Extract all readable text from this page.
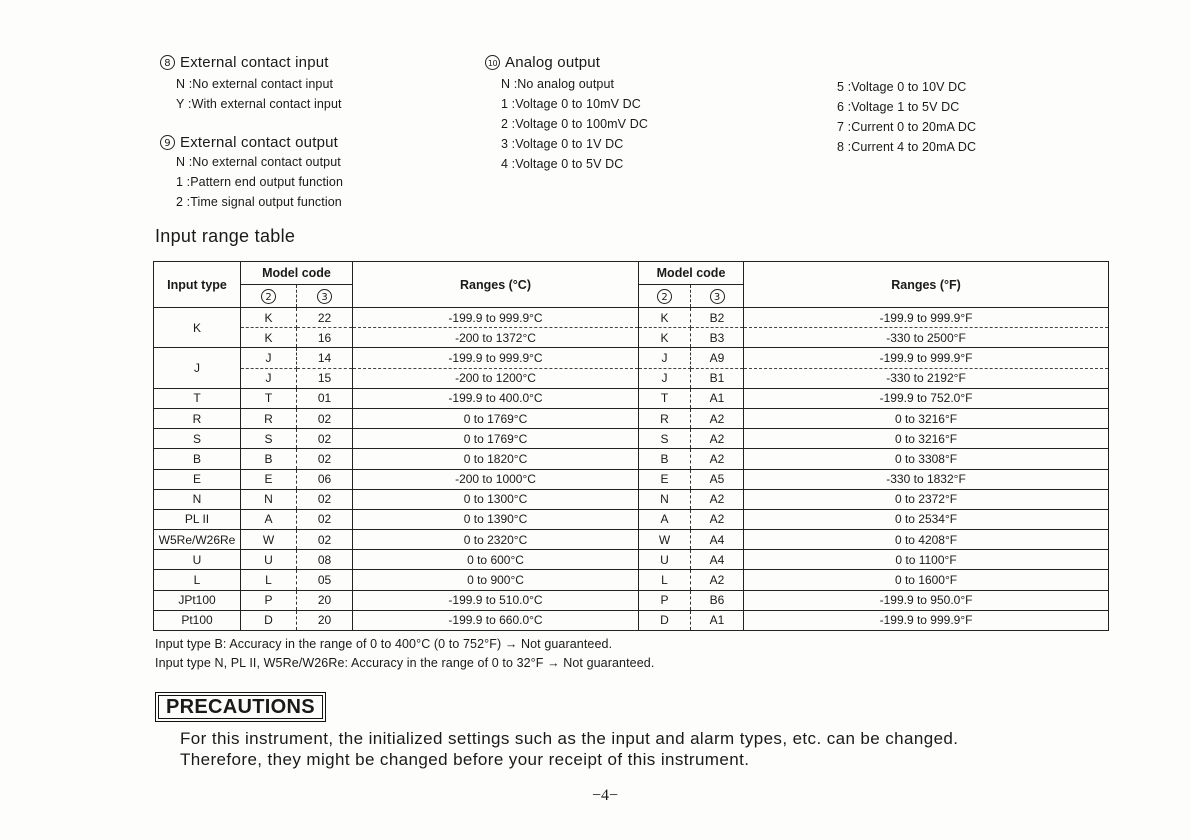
8 External contact input
N :No external contact input
Y :With external contact input
9 External contact output
N :No external contact output
1 :Pattern end output function
2 :Time signal output function
10 Analog output
N :No analog output
1 :Voltage 0 to 10mV DC
2 :Voltage 0 to 100mV DC
3 :Voltage 0 to 1V DC
4 :Voltage 0 to 5V DC
5 :Voltage 0 to 10V DC
6 :Voltage 1 to 5V DC
7 :Current 0 to 20mA DC
8 :Current 4 to 20mA DC
Input range table
Input type	Model code		Ranges (°C)	Model code		Ranges (°F)
	2	3		2	3	
K	K	22	-199.9 to 999.9°C	K	B2	-199.9 to 999.9°F
	K	16	-200 to 1372°C	K	B3	-330 to 2500°F
J	J	14	-199.9 to 999.9°C	J	A9	-199.9 to 999.9°F
	J	15	-200 to 1200°C	J	B1	-330 to 2192°F
T	T	01	-199.9 to 400.0°C	T	A1	-199.9 to 752.0°F
R	R	02	0 to 1769°C	R	A2	0 to 3216°F
S	S	02	0 to 1769°C	S	A2	0 to 3216°F
B	B	02	0 to 1820°C	B	A2	0 to 3308°F
E	E	06	-200 to 1000°C	E	A5	-330 to 1832°F
N	N	02	0 to 1300°C	N	A2	0 to 2372°F
PL II	A	02	0 to 1390°C	A	A2	0 to 2534°F
W5Re/W26Re	W	02	0 to 2320°C	W	A4	0 to 4208°F
U	U	08	0 to 600°C	U	A4	0 to 1100°F
L	L	05	0 to 900°C	L	A2	0 to 1600°F
JPt100	P	20	-199.9 to 510.0°C	P	B6	-199.9 to 950.0°F
Pt100	D	20	-199.9 to 660.0°C	D	A1	-199.9 to 999.9°F
Input type B: Accuracy in the range of 0 to 400°C (0 to 752°F) → Not guaranteed.
Input type N, PL II, W5Re/W26Re: Accuracy in the range of 0 to 32°F → Not guaranteed.
PRECAUTIONS
For this instrument, the initialized settings such as the input and alarm types, etc. can be changed.
Therefore, they might be changed before your receipt of this instrument.
−4−
